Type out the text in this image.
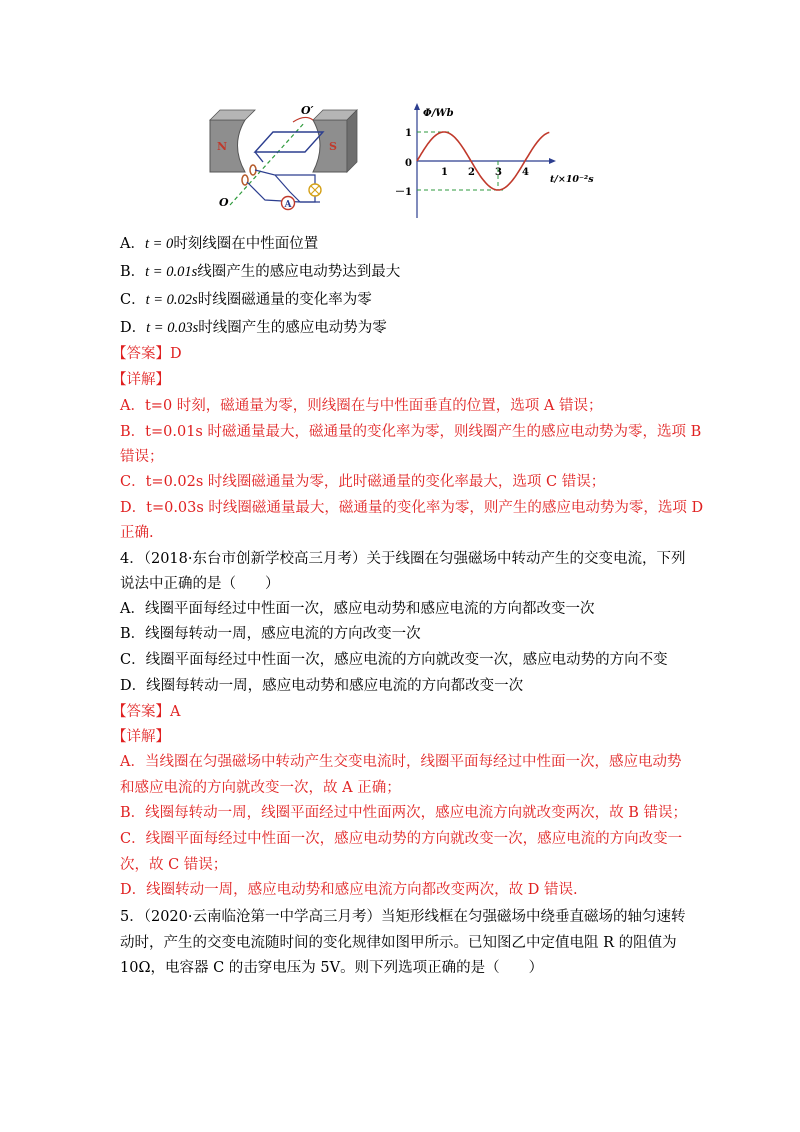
N	S
A
O′
O
Φ/Wb
t/×10⁻²s
1
0
－1
1 2 3 4
A．t = 0时刻线圈在中性面位置
B．t = 0.01s线圈产生的感应电动势达到最大
C．t = 0.02s时线圈磁通量的变化率为零
D．t = 0.03s时线圈产生的感应电动势为零
【答案】D
【详解】
A．t=0 时刻，磁通量为零，则线圈在与中性面垂直的位置，选项 A 错误；
B．t=0.01s 时磁通量最大，磁通量的变化率为零，则线圈产生的感应电动势为零，选项 B
错误；
C．t=0.02s 时线圈磁通量为零，此时磁通量的变化率最大，选项 C 错误；
D．t=0.03s 时线圈磁通量最大，磁通量的变化率为零，则产生的感应电动势为零，选项 D
正确.
4．（2018·东台市创新学校高三月考）关于线圈在匀强磁场中转动产生的交变电流，下列
说法中正确的是（　　）
A．线圈平面每经过中性面一次，感应电动势和感应电流的方向都改变一次
B．线圈每转动一周，感应电流的方向改变一次
C．线圈平面每经过中性面一次，感应电流的方向就改变一次，感应电动势的方向不变
D．线圈每转动一周，感应电动势和感应电流的方向都改变一次
【答案】A
【详解】
A．当线圈在匀强磁场中转动产生交变电流时，线圈平面每经过中性面一次，感应电动势
和感应电流的方向就改变一次，故 A 正确；
B．线圈每转动一周，线圈平面经过中性面两次，感应电流方向就改变两次，故 B 错误；
C．线圈平面每经过中性面一次，感应电动势的方向就改变一次，感应电流的方向改变一
次，故 C 错误；
D．线圈转动一周，感应电动势和感应电流方向都改变两次，故 D 错误.
5．（2020·云南临沧第一中学高三月考）当矩形线框在匀强磁场中绕垂直磁场的轴匀速转
动时，产生的交变电流随时间的变化规律如图甲所示。已知图乙中定值电阻 R 的阻值为
10Ω，电容器 C 的击穿电压为 5V。则下列选项正确的是（　　）
